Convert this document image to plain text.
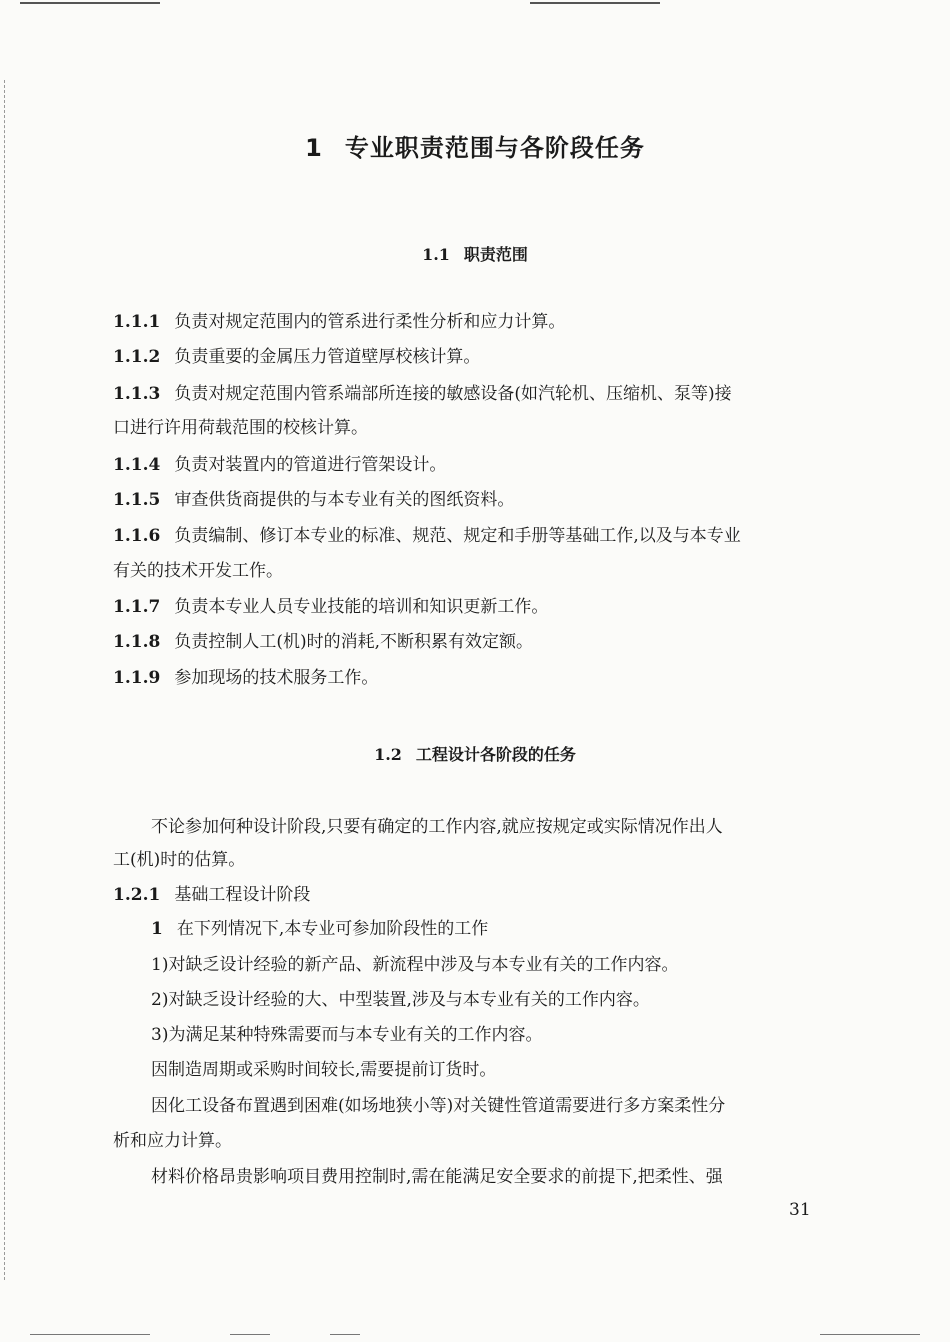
1 专业职责范围与各阶段任务
1.1 职责范围
1.1.1 负责对规定范围内的管系进行柔性分析和应力计算。
1.1.2 负责重要的金属压力管道壁厚校核计算。
1.1.3 负责对规定范围内管系端部所连接的敏感设备(如汽轮机、压缩机、泵等)接
口进行许用荷载范围的校核计算。
1.1.4 负责对装置内的管道进行管架设计。
1.1.5 审查供货商提供的与本专业有关的图纸资料。
1.1.6 负责编制、修订本专业的标准、规范、规定和手册等基础工作,以及与本专业
有关的技术开发工作。
1.1.7 负责本专业人员专业技能的培训和知识更新工作。
1.1.8 负责控制人工(机)时的消耗,不断积累有效定额。
1.1.9 参加现场的技术服务工作。
1.2 工程设计各阶段的任务
不论参加何种设计阶段,只要有确定的工作内容,就应按规定或实际情况作出人
工(机)时的估算。
1.2.1 基础工程设计阶段
1 在下列情况下,本专业可参加阶段性的工作
1)对缺乏设计经验的新产品、新流程中涉及与本专业有关的工作内容。
2)对缺乏设计经验的大、中型装置,涉及与本专业有关的工作内容。
3)为满足某种特殊需要而与本专业有关的工作内容。
因制造周期或采购时间较长,需要提前订货时。
因化工设备布置遇到困难(如场地狭小等)对关键性管道需要进行多方案柔性分
析和应力计算。
材料价格昂贵影响项目费用控制时,需在能满足安全要求的前提下,把柔性、强
31
